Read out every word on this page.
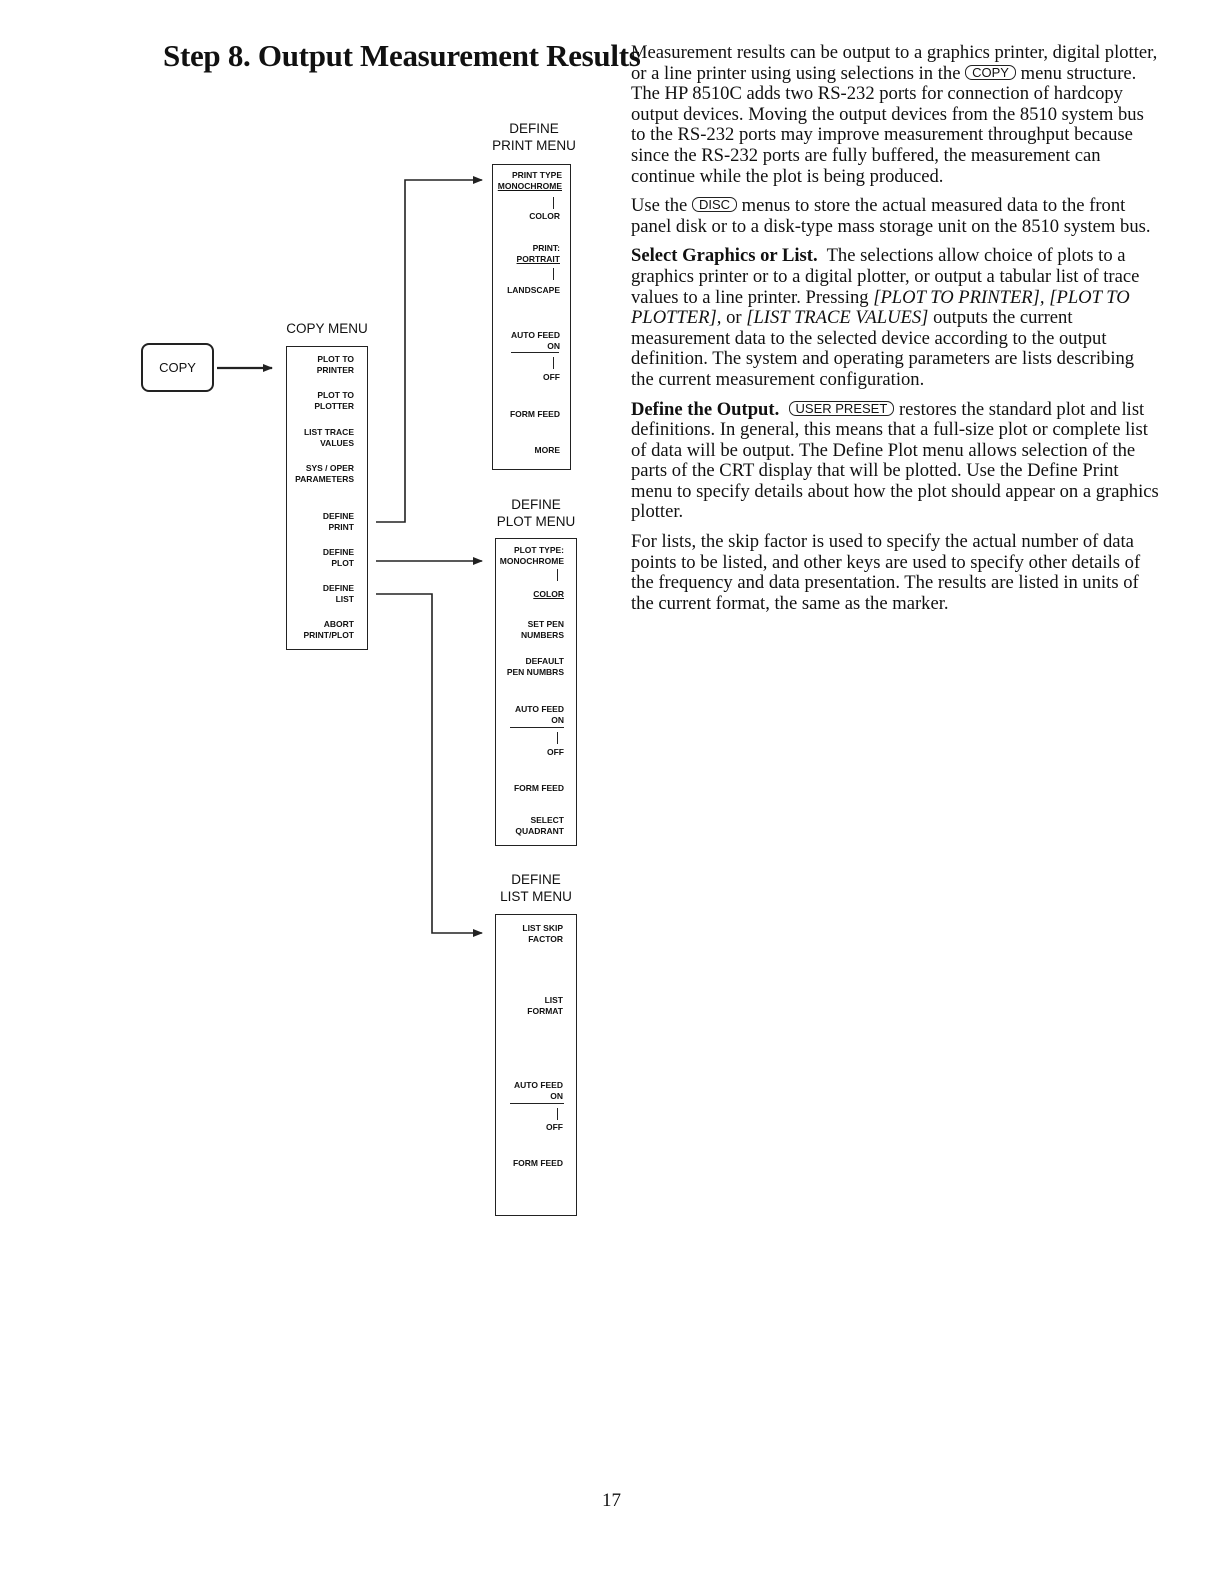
Step 8. Output Measurement Results

Measurement results can be output to a graphics printer, digital plotter, or a line printer using using selections in the COPY menu structure. The HP 8510C adds two RS-232 ports for connection of hardcopy output devices. Moving the output devices from the 8510 system bus to the RS-232 ports may improve measurement throughput because since the RS-232 ports are fully buffered, the measurement can continue while the plot is being produced.

Use the DISC menus to store the actual measured data to the front panel disk or to a disk-type mass storage unit on the 8510 system bus.

Select Graphics or List. The selections allow choice of plots to a graphics printer or to a digital plotter, or output a tabular list of trace values to a line printer. Pressing [PLOT TO PRINTER], [PLOT TO PLOTTER], or [LIST TRACE VALUES] outputs the current measurement data to the selected device according to the output definition. The system and operating parameters are lists describing the current measurement configuration.

Define the Output. USER PRESET restores the standard plot and list definitions. In general, this means that a full-size plot or complete list of data will be output. The Define Plot menu allows selection of the parts of the CRT display that will be plotted. Use the Define Print menu to specify details about how the plot should appear on a graphics plotter.

For lists, the skip factor is used to specify the actual number of data points to be listed, and other keys are used to specify other details of the frequency and data presentation. The results are listed in units of the current format, the same as the marker.

COPY
COPY MENU
PLOT TO
PRINTER
PLOT TO
PLOTTER
LIST TRACE
VALUES
SYS / OPER
PARAMETERS
DEFINE
PRINT
DEFINE
PLOT
DEFINE
LIST
ABORT
PRINT/PLOT
DEFINE
PRINT MENU
PRINT TYPE
MONOCHROME
COLOR
PRINT:
PORTRAIT
LANDSCAPE
AUTO FEED
ON
OFF
FORM FEED
MORE
DEFINE
PLOT MENU
PLOT TYPE:
MONOCHROME
COLOR
SET PEN
NUMBERS
DEFAULT
PEN NUMBRS
AUTO FEED
ON
OFF
FORM FEED
SELECT
QUADRANT
DEFINE
LIST MENU
LIST SKIP
FACTOR
LIST
FORMAT
AUTO FEED
ON
OFF
FORM FEED
17
